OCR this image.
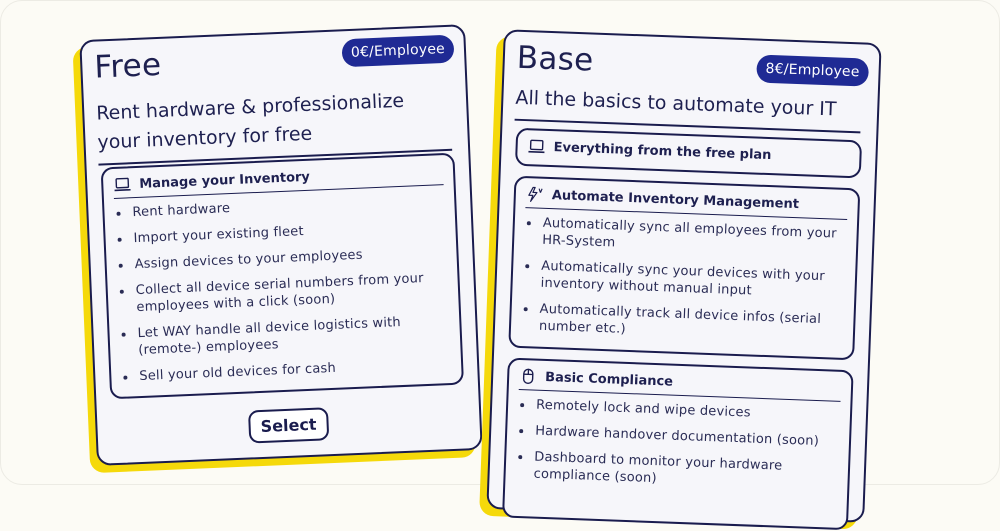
Free	0€/Employee
Rent hardware & professionalize your inventory for free
Manage your Inventory
Rent hardware
Import your existing fleet
Assign devices to your employees
Collect all device serial numbers from your employees with a click (soon)
Let WAY handle all device logistics with (remote-) employees
Sell your old devices for cash
Select
Base	8€/Employee
All the basics to automate your IT
Everything from the free plan
Automate Inventory Management
Automatically sync all employees from your HR-System
Automatically sync your devices with your inventory without manual input
Automatically track all device infos (serial number etc.)
Basic Compliance
Remotely lock and wipe devices
Hardware handover documentation (soon)
Dashboard to monitor your hardware compliance (soon)
